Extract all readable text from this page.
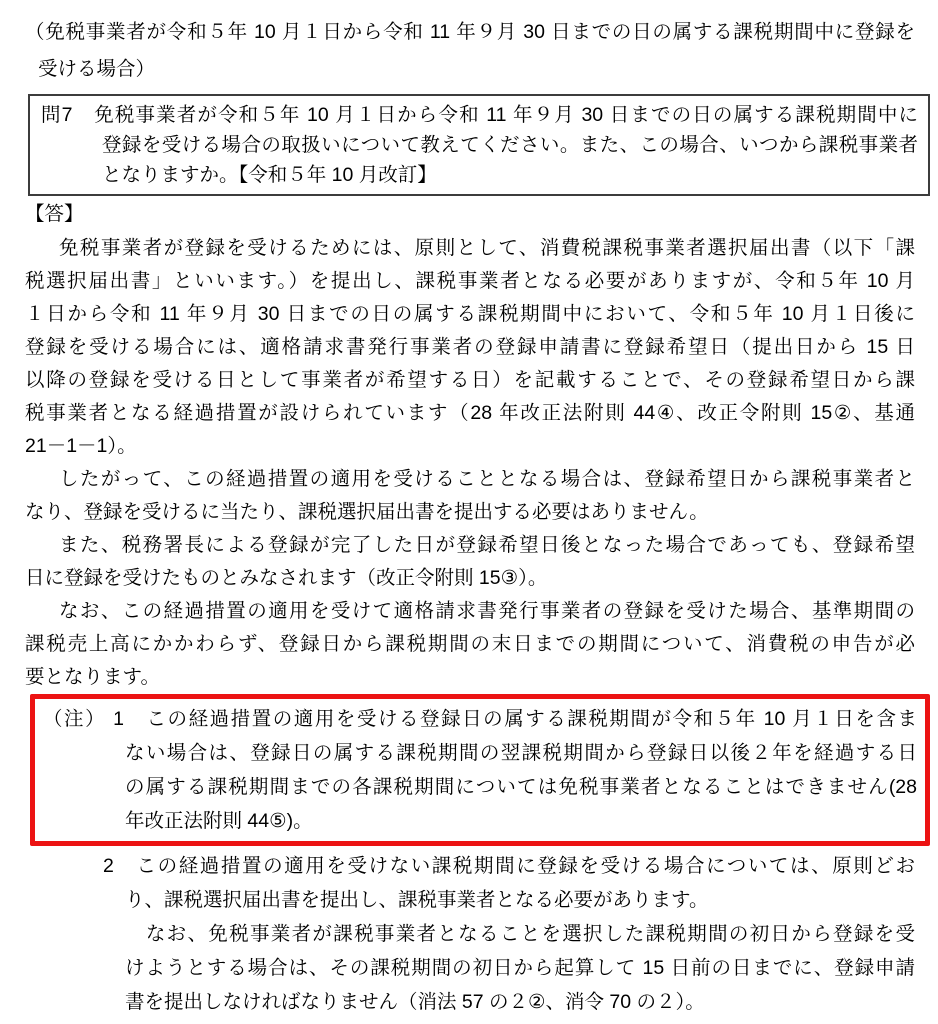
（免税事業者が令和５年 10 月１日から令和 11 年９月 30 日までの日の属する課税期間中に登録を
受ける場合）
問7　免税事業者が令和５年 10 月１日から令和 11 年９月 30 日までの日の属する課税期間中に
登録を受ける場合の取扱いについて教えてください。また、この場合、いつから課税事業者
となりますか。【令和５年 10 月改訂】
【答】
免税事業者が登録を受けるためには、原則として、消費税課税事業者選択届出書（以下「課
税選択届出書」といいます。）を提出し、課税事業者となる必要がありますが、令和５年 10 月
１日から令和 11 年９月 30 日までの日の属する課税期間中において、令和５年 10 月１日後に
登録を受ける場合には、適格請求書発行事業者の登録申請書に登録希望日（提出日から 15 日
以降の登録を受ける日として事業者が希望する日）を記載することで、その登録希望日から課
税事業者となる経過措置が設けられています（28 年改正法附則 44④、改正令附則 15②、基通
21－1－1）。
したがって、この経過措置の適用を受けることとなる場合は、登録希望日から課税事業者と
なり、登録を受けるに当たり、課税選択届出書を提出する必要はありません。
また、税務署長による登録が完了した日が登録希望日後となった場合であっても、登録希望
日に登録を受けたものとみなされます（改正令附則 15③）。
なお、この経過措置の適用を受けて適格請求書発行事業者の登録を受けた場合、基準期間の
課税売上高にかかわらず、登録日から課税期間の末日までの期間について、消費税の申告が必
要となります。
（注） 1　この経過措置の適用を受ける登録日の属する課税期間が令和５年 10 月１日を含ま
ない場合は、登録日の属する課税期間の翌課税期間から登録日以後２年を経過する日
の属する課税期間までの各課税期間については免税事業者となることはできません(28
年改正法附則 44⑤)。
2　この経過措置の適用を受けない課税期間に登録を受ける場合については、原則どお
り、課税選択届出書を提出し、課税事業者となる必要があります。
　なお、免税事業者が課税事業者となることを選択した課税期間の初日から登録を受
けようとする場合は、その課税期間の初日から起算して 15 日前の日までに、登録申請
書を提出しなければなりません（消法 57 の２②、消令 70 の２）。
